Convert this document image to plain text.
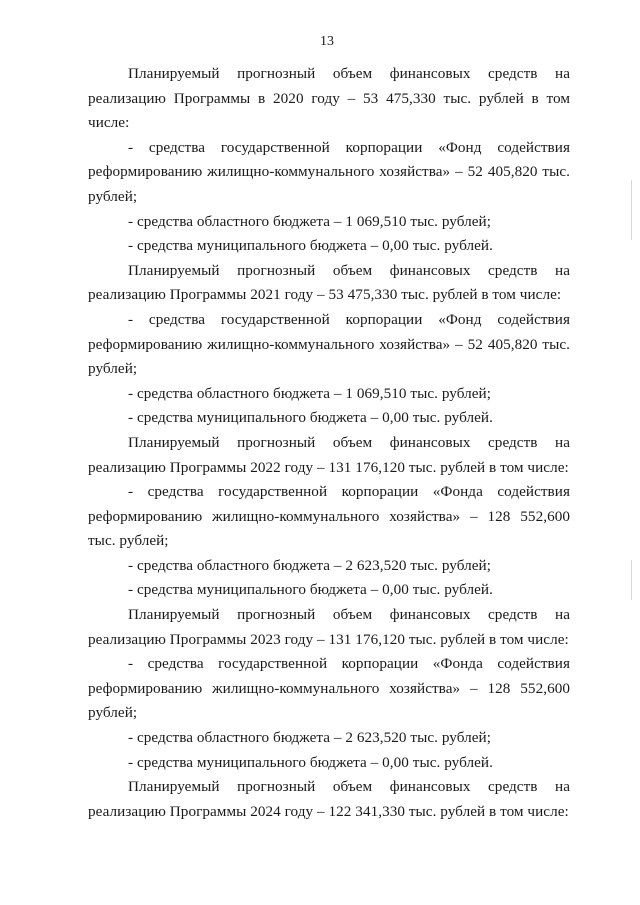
13

Планируемый прогнозный объем финансовых средств на реализацию Программы в 2020 году – 53 475,330 тыс. рублей в том числе:

- средства государственной корпорации «Фонд содействия реформированию жилищно-коммунального хозяйства» – 52 405,820 тыс. рублей;

- средства областного бюджета – 1 069,510 тыс. рублей;

- средства муниципального бюджета – 0,00 тыс. рублей.

Планируемый прогнозный объем финансовых средств на реализацию Программы 2021 году – 53 475,330 тыс. рублей в том числе:

- средства государственной корпорации «Фонд содействия реформированию жилищно-коммунального хозяйства» – 52 405,820 тыс. рублей;

- средства областного бюджета – 1 069,510 тыс. рублей;

- средства муниципального бюджета – 0,00 тыс. рублей.

Планируемый прогнозный объем финансовых средств на реализацию Программы 2022 году – 131 176,120 тыс. рублей в том числе:

- средства государственной корпорации «Фонда содействия реформированию жилищно-коммунального хозяйства» – 128 552,600 тыс. рублей;

- средства областного бюджета – 2 623,520 тыс. рублей;

- средства муниципального бюджета – 0,00 тыс. рублей.

Планируемый прогнозный объем финансовых средств на реализацию Программы 2023 году – 131 176,120 тыс. рублей в том числе:

- средства государственной корпорации «Фонда содействия реформированию жилищно-коммунального хозяйства» – 128 552,600 рублей;

- средства областного бюджета – 2 623,520 тыс. рублей;

- средства муниципального бюджета – 0,00 тыс. рублей.

Планируемый прогнозный объем финансовых средств на реализацию Программы 2024 году – 122 341,330 тыс. рублей в том числе:
